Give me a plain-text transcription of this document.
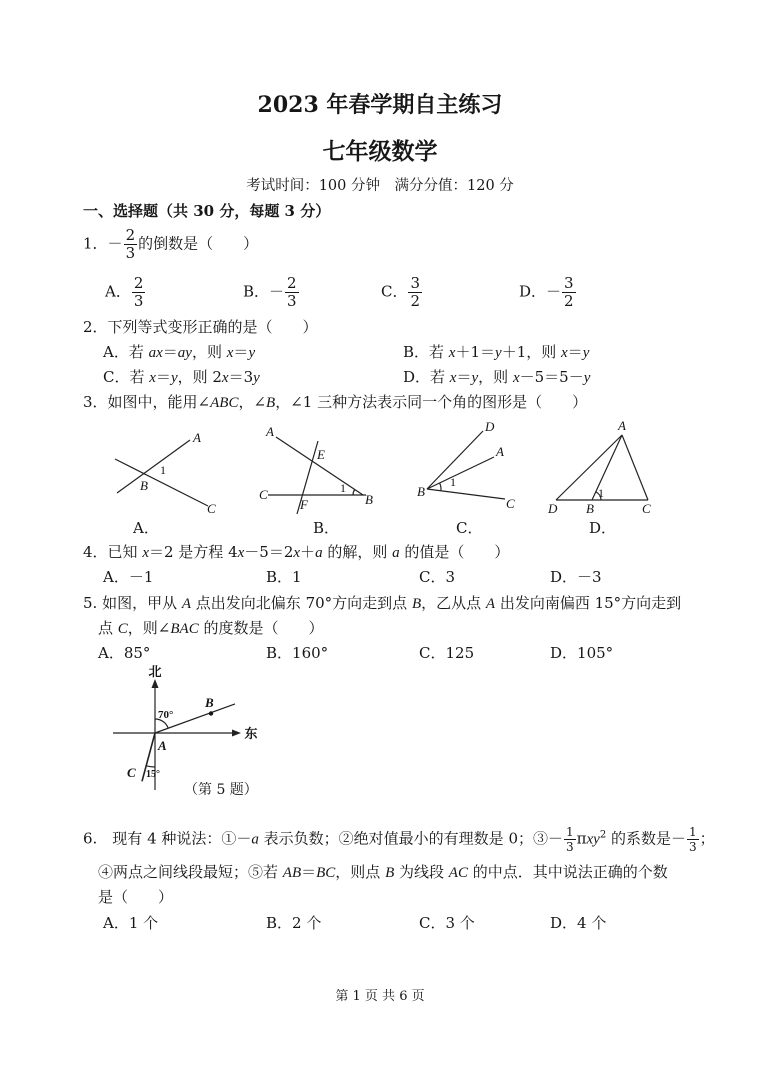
2023 年春学期自主练习
七年级数学
考试时间：100 分钟　满分分值：120 分
一、选择题（共 30 分，每题 3 分）
1．－ $\frac{2}{3}$ 的倒数是（　　）
A． $\frac{2}{3}$	B．－ $\frac{2}{3}$	C． $\frac{3}{2}$	D．－ $\frac{3}{2}$
2．下列等式变形正确的是（　　）
A．若 ax＝ay，则 x＝y	B．若 x＋1＝y＋1，则 x＝y
C．若 x＝y，则 2x＝3y	D．若 x＝y，则 x－5＝5－y
3．如图中，能用∠ABC，∠B，∠1 三种方法表示同一个角的图形是（　　）
A
1
B
C
A
E
C
F
1
B
D
A
1
B
C
A
1
D B	C
A．	B．	C．	D．
4．已知 x＝2 是方程 4x－5＝2x＋a 的解，则 a 的值是（　　）
A．－1	B．1	C．3	D．－3
5. 如图，甲从 A 点出发向北偏东 70°方向走到点 B，乙从点 A 出发向南偏西 15°方向走到
点 C，则∠BAC 的度数是（　　）
A．85°	B．160°	C．125	D．105°
北
东
70°
15°
A
B
C
（第 5 题）
6.　现有 4 种说法：①－a 表示负数；②绝对值最小的有理数是 0；③－ $\frac{1}{3} \pi xy^2$ 的系数是－ $\frac{1}{3}$ ；
④两点之间线段最短；⑤若 AB＝BC，则点 B 为线段 AC 的中点．其中说法正确的个数
是（　　）
A．1 个	B．2 个	C．3 个	D．4 个
第 1 页 共 6 页
